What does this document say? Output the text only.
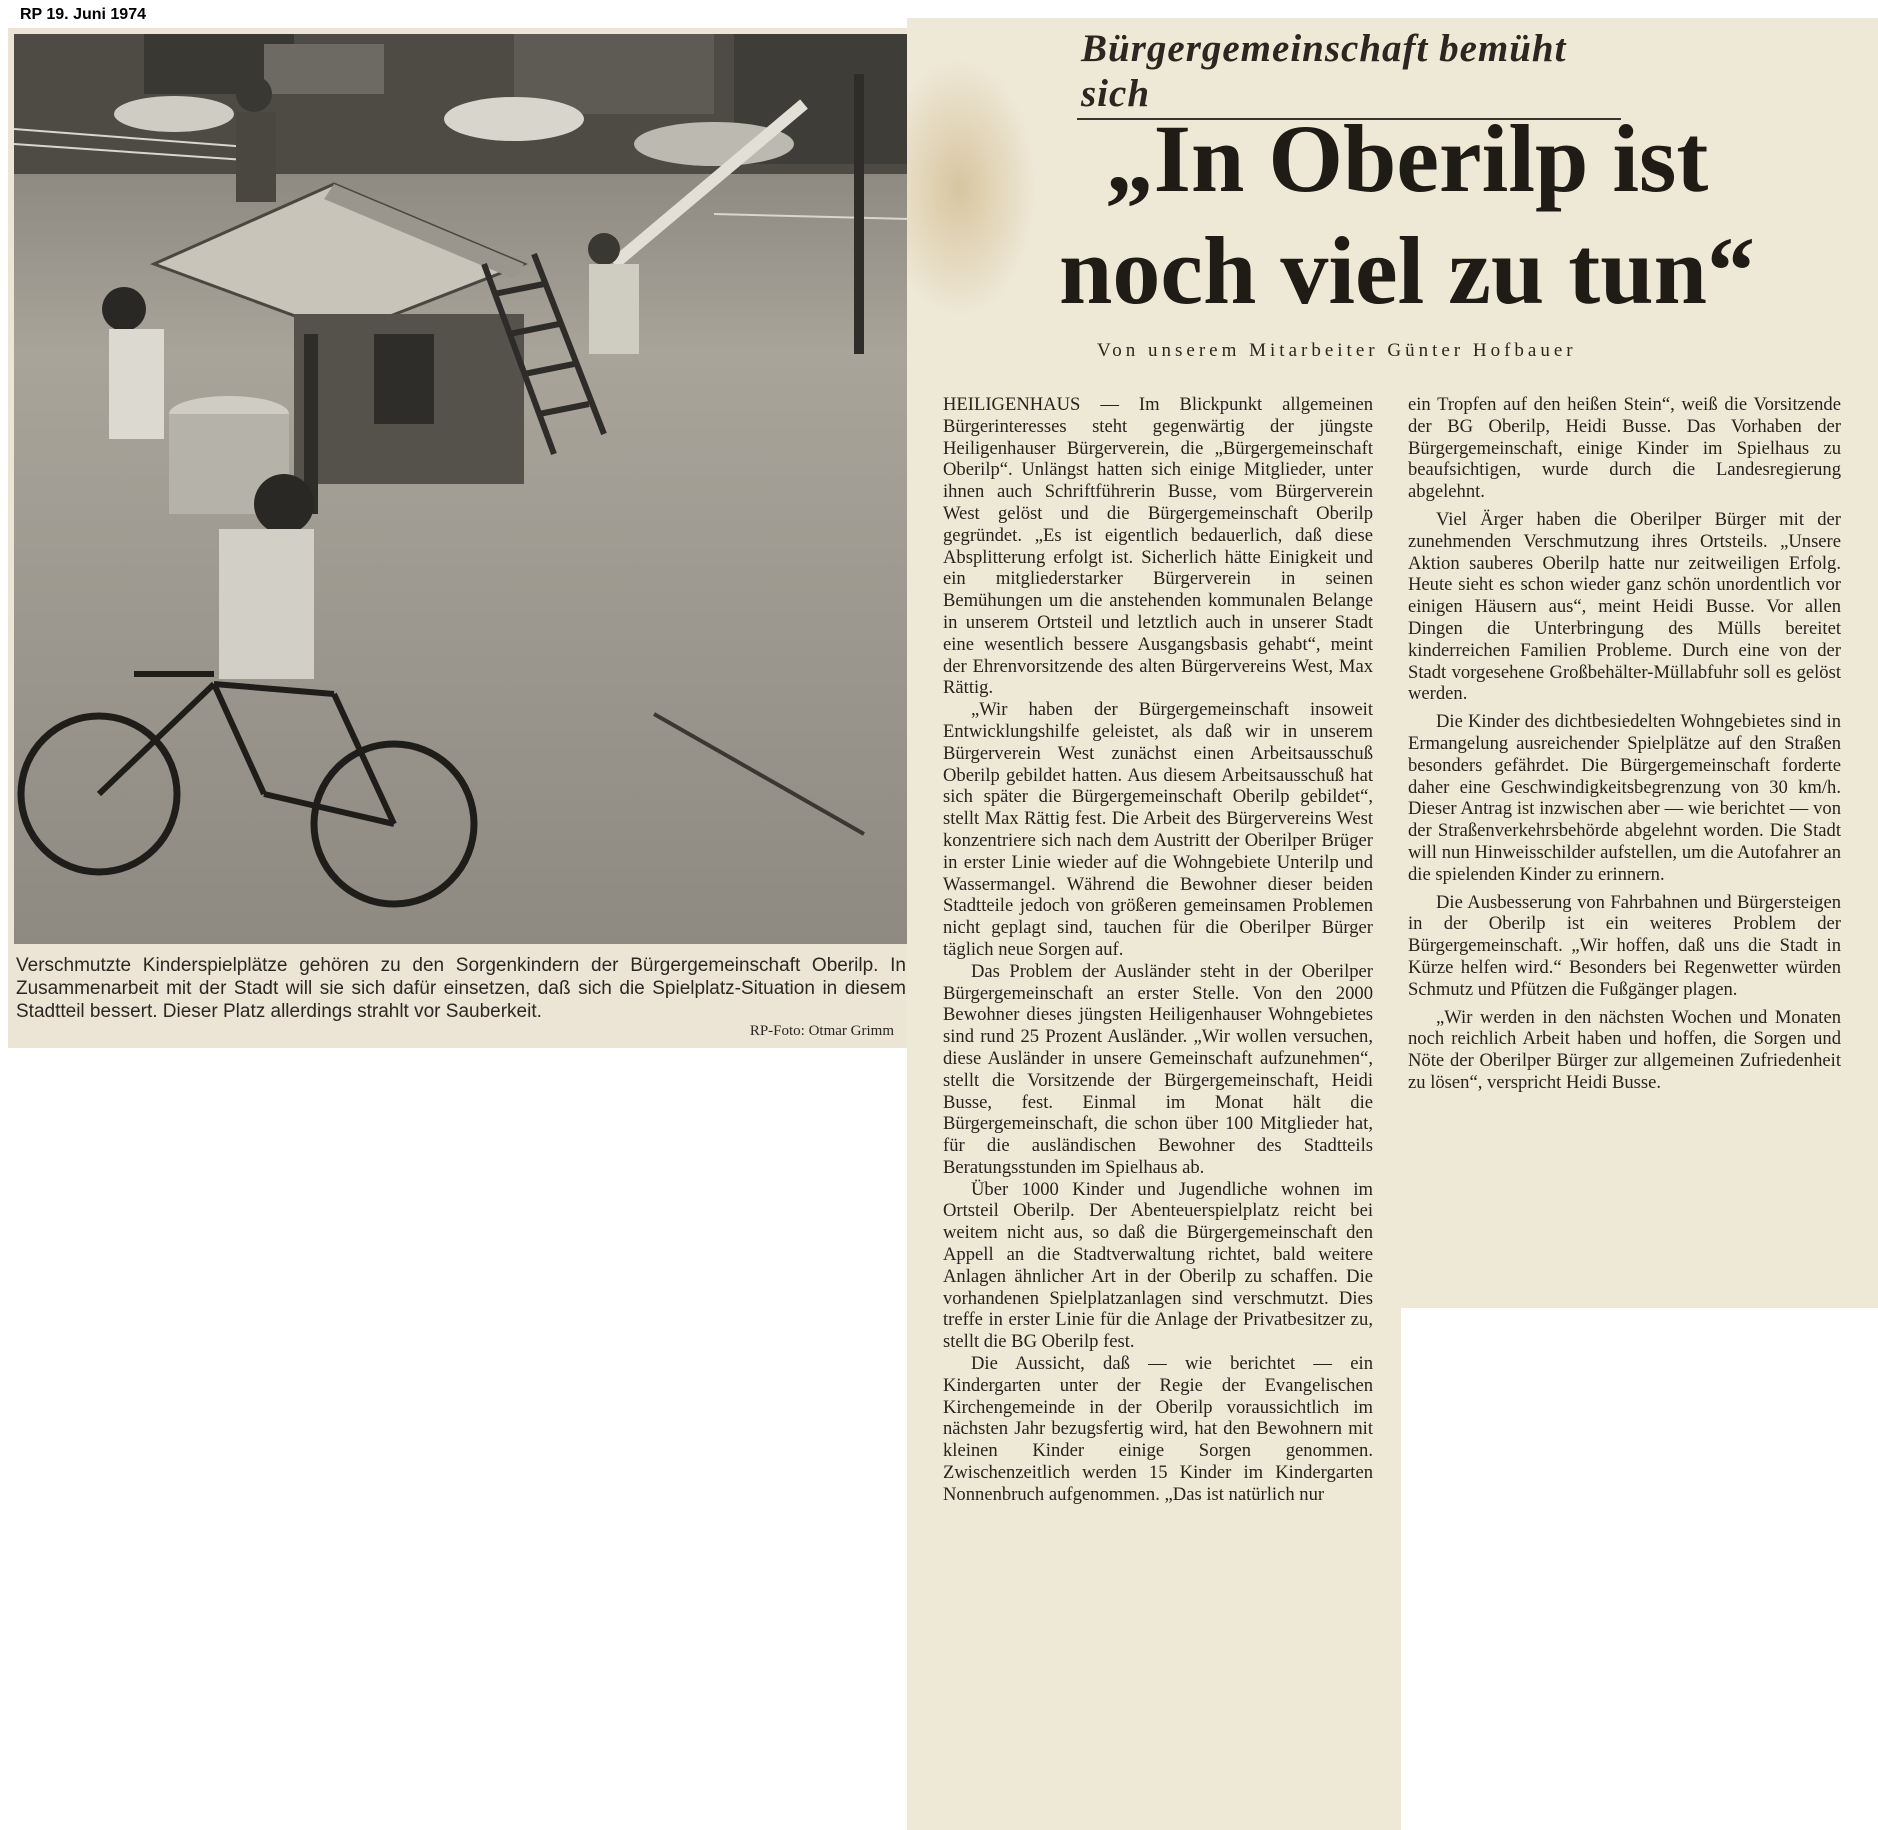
RP 19. Juni 1974
Verschmutzte Kinderspielplätze gehören zu den Sorgenkindern der Bürgergemeinschaft Oberilp. In Zusammenarbeit mit der Stadt will sie sich dafür einsetzen, daß sich die Spielplatz-Situation in diesem Stadtteil bessert. Dieser Platz allerdings strahlt vor Sauberkeit.
RP-Foto: Otmar Grimm
Bürgergemeinschaft bemüht sich
„In Oberilp ist
noch viel zu tun“
Von unserem Mitarbeiter Günter Hofbauer

HEILIGENHAUS — Im Blickpunkt allgemeinen Bürgerinteresses steht gegenwärtig der jüngste Heiligenhauser Bürgerverein, die „Bürgergemeinschaft Oberilp“. Unlängst hatten sich einige Mitglieder, unter ihnen auch Schriftführerin Busse, vom Bürgerverein West gelöst und die Bürgergemeinschaft Oberilp gegründet. „Es ist eigentlich bedauerlich, daß diese Absplitterung erfolgt ist. Sicherlich hätte Einigkeit und ein mitgliederstarker Bürgerverein in seinen Bemühungen um die anstehenden kommunalen Belange in unserem Ortsteil und letztlich auch in unserer Stadt eine wesentlich bessere Ausgangsbasis gehabt“, meint der Ehrenvorsitzende des alten Bürgervereins West, Max Rättig.

„Wir haben der Bürgergemeinschaft insoweit Entwicklungshilfe geleistet, als daß wir in unserem Bürgerverein West zunächst einen Arbeitsausschuß Oberilp gebildet hatten. Aus diesem Arbeitsausschuß hat sich später die Bürgergemeinschaft Oberilp gebildet“, stellt Max Rättig fest. Die Arbeit des Bürgervereins West konzentriere sich nach dem Austritt der Oberilper Brüger in erster Linie wieder auf die Wohngebiete Unterilp und Wassermangel. Während die Bewohner dieser beiden Stadtteile jedoch von größeren gemeinsamen Problemen nicht geplagt sind, tauchen für die Oberilper Bürger täglich neue Sorgen auf.

Das Problem der Ausländer steht in der Oberilper Bürgergemeinschaft an erster Stelle. Von den 2000 Bewohner dieses jüngsten Heiligenhauser Wohngebietes sind rund 25 Prozent Ausländer. „Wir wollen versuchen, diese Ausländer in unsere Gemeinschaft aufzunehmen“, stellt die Vorsitzende der Bürgergemeinschaft, Heidi Busse, fest. Einmal im Monat hält die Bürgergemeinschaft, die schon über 100 Mitglieder hat, für die ausländischen Bewohner des Stadtteils Beratungsstunden im Spielhaus ab.

Über 1000 Kinder und Jugendliche wohnen im Ortsteil Oberilp. Der Abenteuerspielplatz reicht bei weitem nicht aus, so daß die Bürgergemeinschaft den Appell an die Stadtverwaltung richtet, bald weitere Anlagen ähnlicher Art in der Oberilp zu schaffen. Die vorhandenen Spielplatzanlagen sind verschmutzt. Dies treffe in erster Linie für die Anlage der Privatbesitzer zu, stellt die BG Oberilp fest.

Die Aussicht, daß — wie berichtet — ein Kindergarten unter der Regie der Evangelischen Kirchengemeinde in der Oberilp voraussichtlich im nächsten Jahr bezugsfertig wird, hat den Bewohnern mit kleinen Kinder einige Sorgen genommen. Zwischenzeitlich werden 15 Kinder im Kindergarten Nonnenbruch aufgenommen. „Das ist natürlich nur

ein Tropfen auf den heißen Stein“, weiß die Vorsitzende der BG Oberilp, Heidi Busse. Das Vorhaben der Bürgergemeinschaft, einige Kinder im Spielhaus zu beaufsichtigen, wurde durch die Landesregierung abgelehnt.

Viel Ärger haben die Oberilper Bürger mit der zunehmenden Verschmutzung ihres Ortsteils. „Unsere Aktion sauberes Oberilp hatte nur zeitweiligen Erfolg. Heute sieht es schon wieder ganz schön unordentlich vor einigen Häusern aus“, meint Heidi Busse. Vor allen Dingen die Unterbringung des Mülls bereitet kinderreichen Familien Probleme. Durch eine von der Stadt vorgesehene Großbehälter-Müllabfuhr soll es gelöst werden.

Die Kinder des dichtbesiedelten Wohngebietes sind in Ermangelung ausreichender Spielplätze auf den Straßen besonders gefährdet. Die Bürgergemeinschaft forderte daher eine Geschwindigkeitsbegrenzung von 30 km/h. Dieser Antrag ist inzwischen aber — wie berichtet — von der Straßenverkehrsbehörde abgelehnt worden. Die Stadt will nun Hinweisschilder aufstellen, um die Autofahrer an die spielenden Kinder zu erinnern.

Die Ausbesserung von Fahrbahnen und Bürgersteigen in der Oberilp ist ein weiteres Problem der Bürgergemeinschaft. „Wir hoffen, daß uns die Stadt in Kürze helfen wird.“ Besonders bei Regenwetter würden Schmutz und Pfützen die Fußgänger plagen.

„Wir werden in den nächsten Wochen und Monaten noch reichlich Arbeit haben und hoffen, die Sorgen und Nöte der Oberilper Bürger zur allgemeinen Zufriedenheit zu lösen“, verspricht Heidi Busse.
